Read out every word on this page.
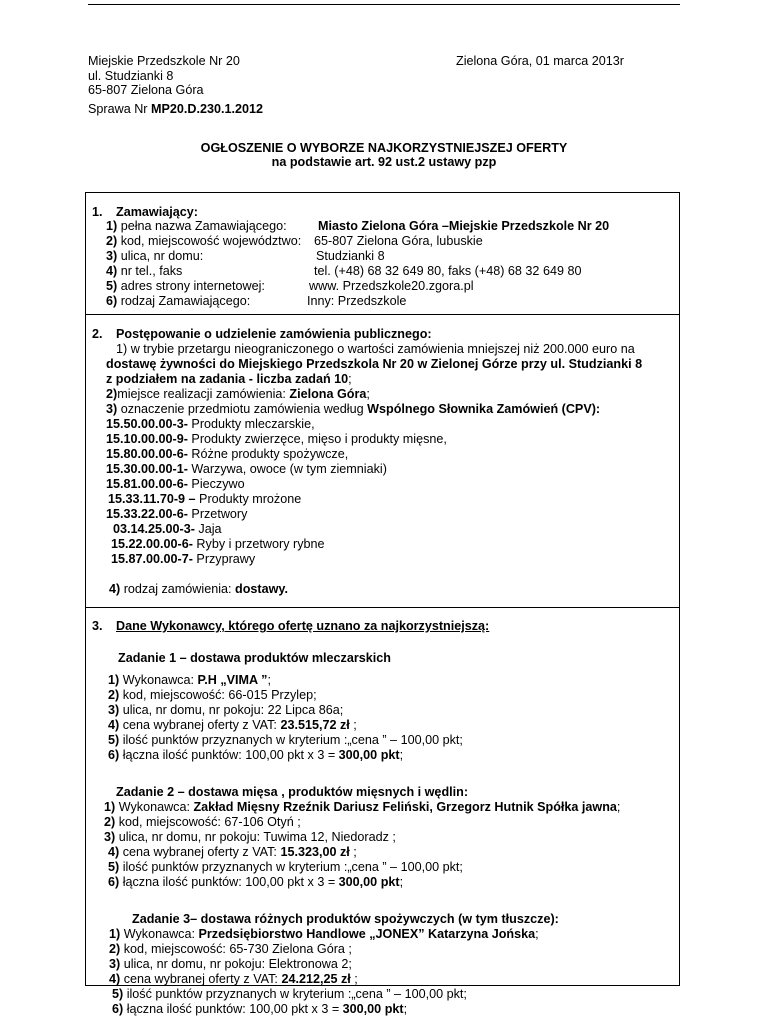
Miejskie Przedszkole Nr 20
ul. Studzianki 8
65-807 Zielona Góra
Zielona Góra, 01 marca 2013r
Sprawa Nr MP20.D.230.1.2012
OGŁOSZENIE O WYBORZE NAJKORZYSTNIEJSZEJ OFERTY
na podstawie art. 92 ust.2 ustawy pzp
1. Zamawiający:
1) pełna nazwa Zamawiającego: Miasto Zielona Góra –Miejskie Przedszkole Nr 20
2) kod, miejscowość województwo: 65-807 Zielona Góra, lubuskie
3) ulica, nr domu:	Studzianki 8
4) nr tel., faks	tel. (+48) 68 32 649 80, faks (+48) 68 32 649 80
5) adres strony internetowej:	www. Przedszkole20.zgora.pl
6) rodzaj Zamawiającego:	Inny: Przedszkole
2. Postępowanie o udzielenie zamówienia publicznego:
1) w trybie przetargu nieograniczonego o wartości zamówienia mniejszej niż 200.000 euro na
dostawę żywności do Miejskiego Przedszkola Nr 20 w Zielonej Górze przy ul. Studzianki 8
z podziałem na zadania - liczba zadań 10;
2)miejsce realizacji zamówienia: Zielona Góra;
3) oznaczenie przedmiotu zamówienia według Wspólnego Słownika Zamówień (CPV):
15.50.00.00-3- Produkty mleczarskie,
15.10.00.00-9- Produkty zwierzęce, mięso i produkty mięsne,
15.80.00.00-6- Różne produkty spożywcze,
15.30.00.00-1- Warzywa, owoce (w tym ziemniaki)
15.81.00.00-6- Pieczywo
15.33.11.70-9 – Produkty mrożone
15.33.22.00-6- Przetwory
03.14.25.00-3- Jaja
15.22.00.00-6- Ryby i przetwory rybne
15.87.00.00-7- Przyprawy
4) rodzaj zamówienia: dostawy.
3. Dane Wykonawcy, którego ofertę uznano za najkorzystniejszą:
Zadanie 1 – dostawa produktów mleczarskich
1) Wykonawca: P.H „VIMA ”;
2) kod, miejscowość: 66-015 Przylep;
3) ulica, nr domu, nr pokoju: 22 Lipca 86a;
4) cena wybranej oferty z VAT: 23.515,72 zł ;
5) ilość punktów przyznanych w kryterium :„cena ” – 100,00 pkt;
6) łączna ilość punktów: 100,00 pkt x 3 = 300,00 pkt;
Zadanie 2 – dostawa mięsa , produktów mięsnych i wędlin:
1) Wykonawca: Zakład Mięsny Rzeźnik Dariusz Feliński, Grzegorz Hutnik Spółka jawna;
2) kod, miejscowość: 67-106 Otyń ;
3) ulica, nr domu, nr pokoju: Tuwima 12, Niedoradz ;
4) cena wybranej oferty z VAT: 15.323,00 zł ;
5) ilość punktów przyznanych w kryterium :„cena ” – 100,00 pkt;
6) łączna ilość punktów: 100,00 pkt x 3 = 300,00 pkt;
Zadanie 3– dostawa różnych produktów spożywczych (w tym tłuszcze):
1) Wykonawca: Przedsiębiorstwo Handlowe „JONEX” Katarzyna Jońska;
2) kod, miejscowość: 65-730 Zielona Góra ;
3) ulica, nr domu, nr pokoju: Elektronowa 2;
4) cena wybranej oferty z VAT: 24.212,25 zł ;
5) ilość punktów przyznanych w kryterium :„cena ” – 100,00 pkt;
6) łączna ilość punktów: 100,00 pkt x 3 = 300,00 pkt;
